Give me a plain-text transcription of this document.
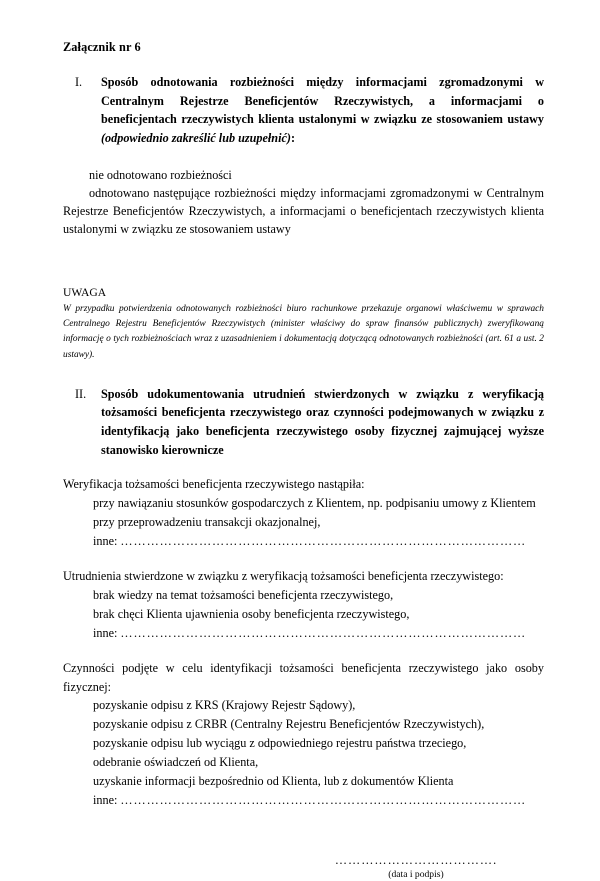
Załącznik nr 6
I.	Sposób odnotowania rozbieżności między informacjami zgromadzonymi w Centralnym Rejestrze Beneficjentów Rzeczywistych, a informacjami o beneficjentach rzeczywistych klienta ustalonymi w związku ze stosowaniem ustawy (odpowiednio zakreślić lub uzupełnić):

nie odnotowano rozbieżności

odnotowano następujące rozbieżności między informacjami zgromadzonymi w Centralnym Rejestrze Beneficjentów Rzeczywistych, a informacjami o beneficjentach rzeczywistych klienta ustalonymi w związku ze stosowaniem ustawy

UWAGA

W przypadku potwierdzenia odnotowanych rozbieżności biuro rachunkowe przekazuje organowi właściwemu w sprawach Centralnego Rejestru Beneficjentów Rzeczywistych (minister właściwy do spraw finansów publicznych) zweryfikowaną informację o tych rozbieżnościach wraz z uzasadnieniem i dokumentacją dotyczącą odnotowanych rozbieżności (art. 61 a ust. 2 ustawy).

II.	Sposób udokumentowania utrudnień stwierdzonych w związku z weryfikacją tożsamości beneficjenta rzeczywistego oraz czynności podejmowanych w związku z identyfikacją jako beneficjenta rzeczywistego osoby fizycznej zajmującej wyższe stanowisko kierownicze

Weryfikacja tożsamości beneficjenta rzeczywistego nastąpiła:

przy nawiązaniu stosunków gospodarczych z Klientem, np. podpisaniu umowy z Klientem

przy przeprowadzeniu transakcji okazjonalnej,

inne: …………………………………………………………………………………

Utrudnienia stwierdzone w związku z weryfikacją tożsamości beneficjenta rzeczywistego:

brak wiedzy na temat tożsamości beneficjenta rzeczywistego,

brak chęci Klienta ujawnienia osoby beneficjenta rzeczywistego,

inne: …………………………………………………………………………………

Czynności podjęte w celu identyfikacji tożsamości beneficjenta rzeczywistego jako osoby fizycznej:

pozyskanie odpisu z KRS (Krajowy Rejestr Sądowy),

pozyskanie odpisu z CRBR (Centralny Rejestru Beneficjentów Rzeczywistych),

pozyskanie odpisu lub wyciągu z odpowiedniego rejestru państwa trzeciego,

odebranie oświadczeń od Klienta,

uzyskanie informacji bezpośrednio od Klienta, lub z dokumentów Klienta

inne: …………………………………………………………………………………

……………………………….
(data i podpis)
